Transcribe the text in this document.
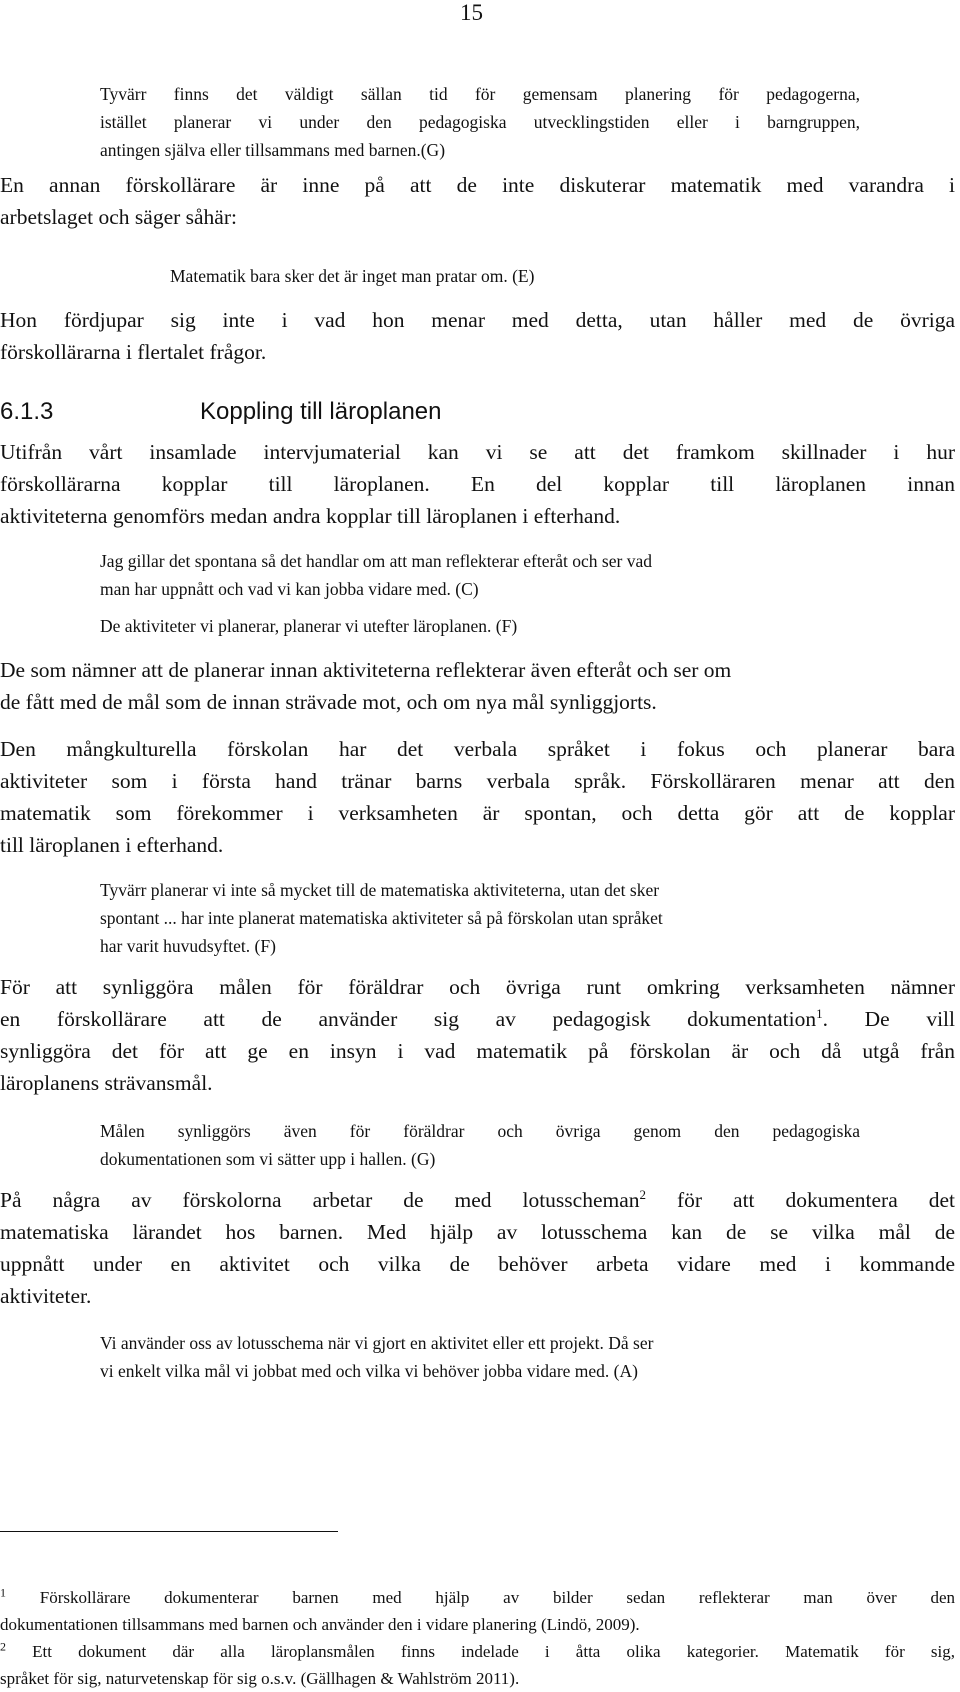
15
Tyvärr finns det väldigt sällan tid för gemensam planering för pedagogerna,
istället planerar vi under den pedagogiska utvecklingstiden eller i barngruppen,
antingen själva eller tillsammans med barnen.(G)
En annan förskollärare är inne på att de inte diskuterar matematik med varandra i
arbetslaget och säger såhär:
Matematik bara sker det är inget man pratar om. (E)
Hon fördjupar sig inte i vad hon menar med detta, utan håller med de övriga
förskollärarna i flertalet frågor.
6.1.3	Koppling till läroplanen
Utifrån vårt insamlade intervjumaterial kan vi se att det framkom skillnader i hur
förskollärarna kopplar till läroplanen. En del kopplar till läroplanen innan
aktiviteterna genomförs medan andra kopplar till läroplanen i efterhand.
Jag gillar det spontana så det handlar om att man reflekterar efteråt och ser vad
man har uppnått och vad vi kan jobba vidare med. (C)
De aktiviteter vi planerar, planerar vi utefter läroplanen. (F)
De som nämner att de planerar innan aktiviteterna reflekterar även efteråt och ser om
de fått med de mål som de innan strävade mot, och om nya mål synliggjorts.
Den mångkulturella förskolan har det verbala språket i fokus och planerar bara
aktiviteter som i första hand tränar barns verbala språk. Förskolläraren menar att den
matematik som förekommer i verksamheten är spontan, och detta gör att de kopplar
till läroplanen i efterhand.
Tyvärr planerar vi inte så mycket till de matematiska aktiviteterna, utan det sker
spontant ... har inte planerat matematiska aktiviteter så på förskolan utan språket
har varit huvudsyftet. (F)
För att synliggöra målen för föräldrar och övriga runt omkring verksamheten nämner
en förskollärare att de använder sig av pedagogisk dokumentation$^1$. De vill
synliggöra det för att ge en insyn i vad matematik på förskolan är och då utgå från
läroplanens strävansmål.
Målen synliggörs även för föräldrar och övriga genom den pedagogiska
dokumentationen som vi sätter upp i hallen. (G)
På några av förskolorna arbetar de med lotusscheman$^2$ för att dokumentera det
matematiska lärandet hos barnen. Med hjälp av lotusschema kan de se vilka mål de
uppnått under en aktivitet och vilka de behöver arbeta vidare med i kommande
aktiviteter.
Vi använder oss av lotusschema när vi gjort en aktivitet eller ett projekt. Då ser
vi enkelt vilka mål vi jobbat med och vilka vi behöver jobba vidare med. (A)
$^1$ Förskollärare dokumenterar barnen med hjälp av bilder sedan reflekterar man över den
dokumentationen tillsammans med barnen och använder den i vidare planering (Lindö, 2009).
$^2$ Ett dokument där alla läroplansmålen finns indelade i åtta olika kategorier. Matematik för sig,
språket för sig, naturvetenskap för sig o.s.v. (Gällhagen & Wahlström 2011).
